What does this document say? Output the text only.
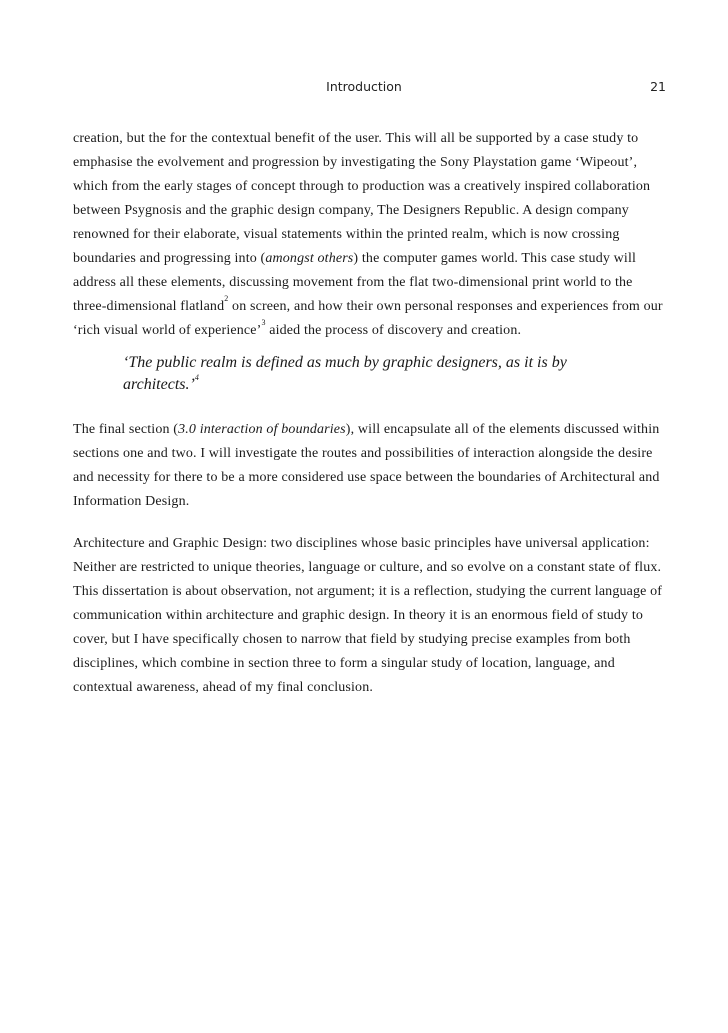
Introduction	21

creation, but the for the contextual benefit of the user. This will all be supported by a case study to emphasise the evolvement and progression by investigating the Sony Playstation game ‘Wipeout’, which from the early stages of concept through to production was a creatively inspired collaboration between Psygnosis and the graphic design company, The Designers Republic. A design company renowned for their elaborate, visual statements within the printed realm, which is now crossing boundaries and progressing into (amongst others) the computer games world. This case study will address all these elements, discussing movement from the flat two-dimensional print world to the three-dimensional flatland$^2$ on screen, and how their own personal responses and experiences from our ‘rich visual world of experience’$^3$ aided the process of discovery and creation.

‘The public realm is defined as much by graphic designers, as it is by architects.’$^4$

The final section (3.0 interaction of boundaries), will encapsulate all of the elements discussed within sections one and two. I will investigate the routes and possibilities of interaction alongside the desire and necessity for there to be a more considered use space between the boundaries of Architectural and Information Design.

Architecture and Graphic Design: two disciplines whose basic principles have universal application: Neither are restricted to unique theories, language or culture, and so evolve on a constant state of flux. This dissertation is about observation, not argument; it is a reflection, studying the current language of communication within architecture and graphic design. In theory it is an enormous field of study to cover, but I have specifically chosen to narrow that field by studying precise examples from both disciplines, which combine in section three to form a singular study of location, language, and contextual awareness, ahead of my final conclusion.
